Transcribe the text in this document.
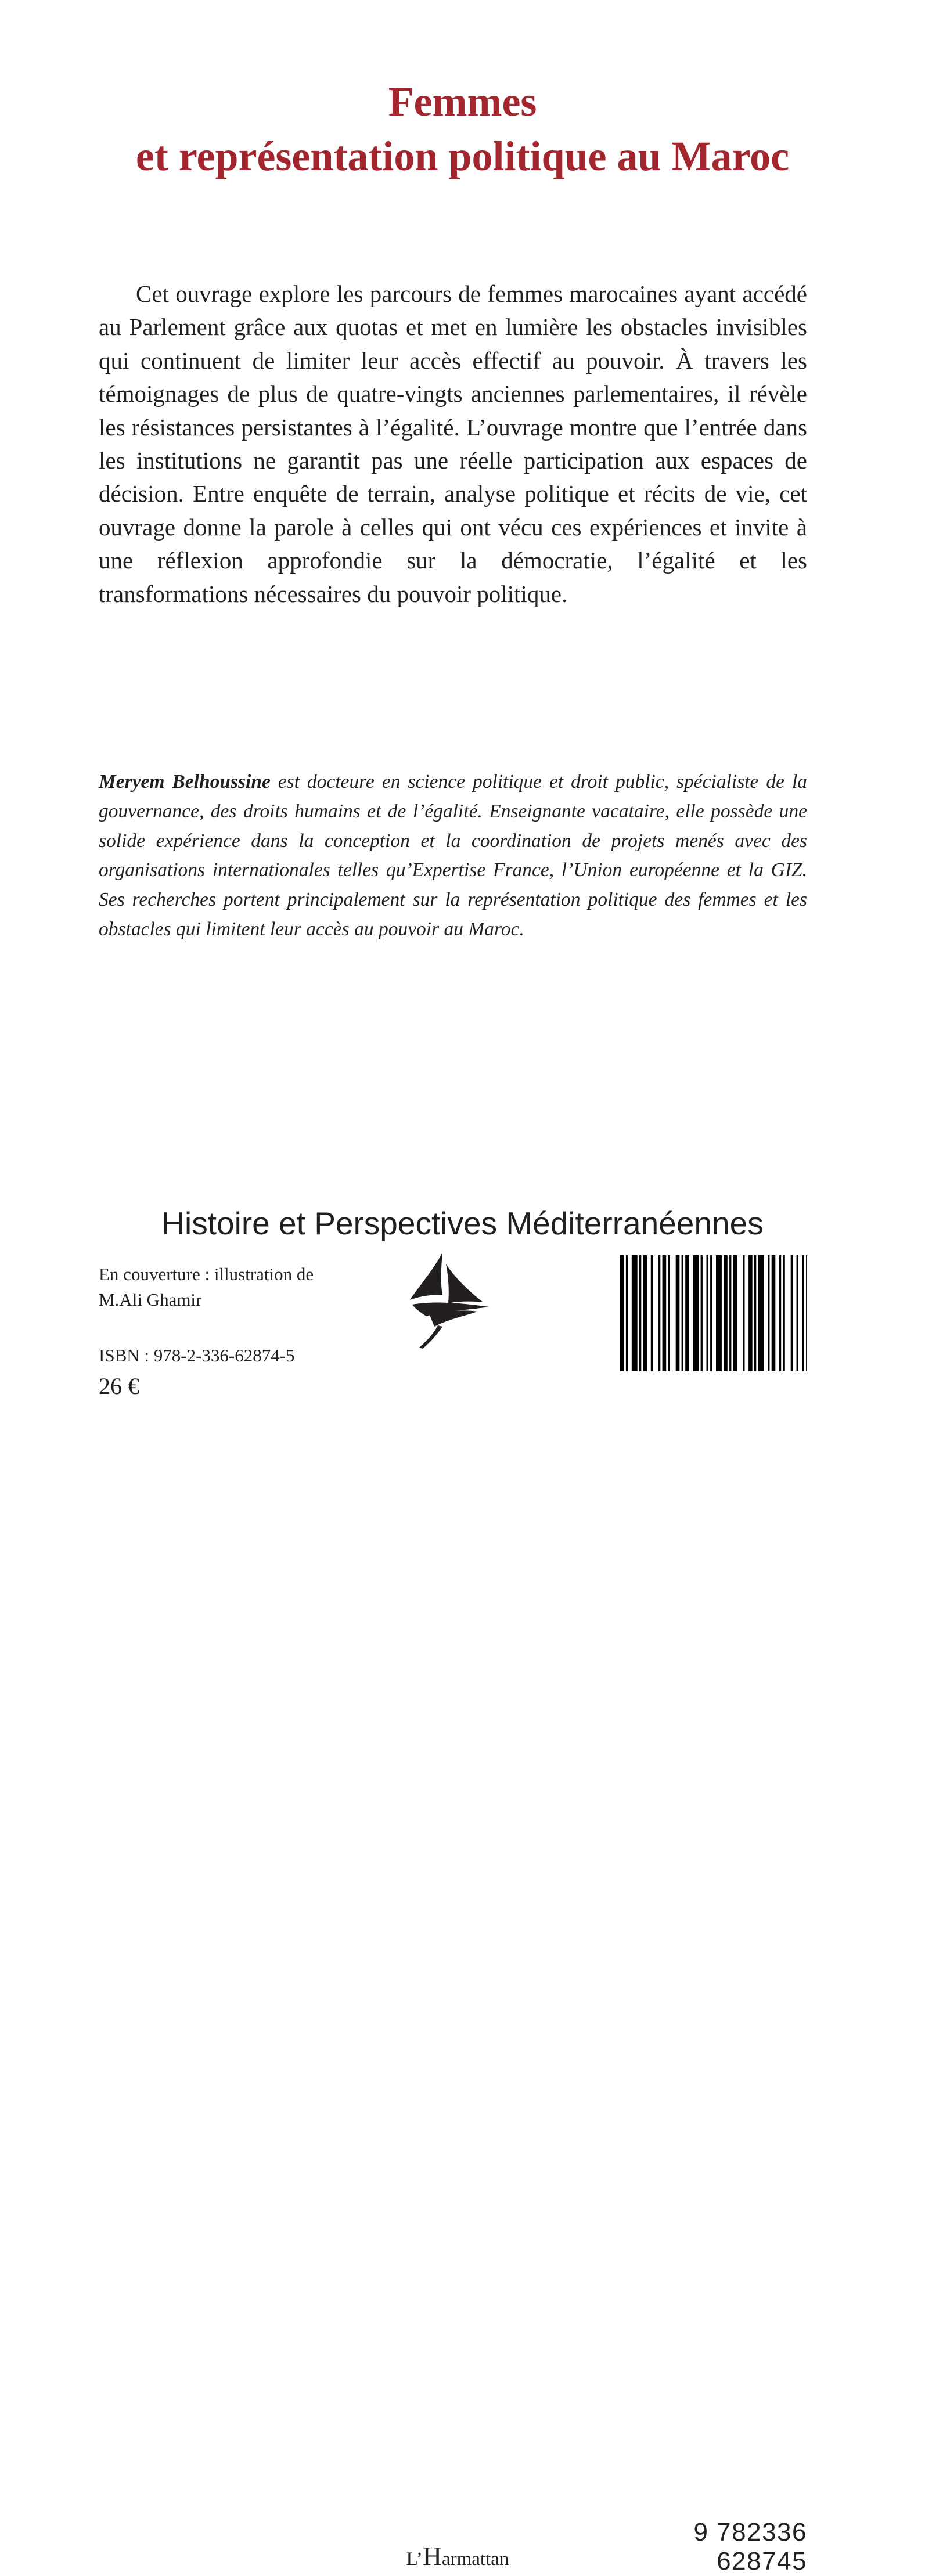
Femmes
et représentation politique au Maroc

Cet ouvrage explore les parcours de femmes marocaines ayant accédé au Parlement grâce aux quotas et met en lumière les obstacles invisibles qui continuent de limiter leur accès effectif au pouvoir. À travers les témoignages de plus de quatre-vingts anciennes parlementaires, il révèle les résistances persistantes à l’égalité. L’ouvrage montre que l’entrée dans les institutions ne garantit pas une réelle participation aux espaces de décision. Entre enquête de terrain, analyse politique et récits de vie, cet ouvrage donne la parole à celles qui ont vécu ces expériences et invite à une réflexion approfondie sur la démocratie, l’égalité et les transformations nécessaires du pouvoir politique.

Meryem Belhoussine est docteure en science politique et droit public, spécialiste de la gouvernance, des droits humains et de l’égalité. Enseignante vacataire, elle possède une solide expérience dans la conception et la coordination de projets menés avec des organisations internationales telles qu’Expertise France, l’Union européenne et la GIZ. Ses recherches portent principalement sur la représentation politique des femmes et les obstacles qui limitent leur accès au pouvoir au Maroc.

Histoire et Perspectives Méditerranéennes
En couverture : illustration de
M.Ali Ghamir
ISBN : 978-2-336-62874-5
26 €
L’Harmattan
9 782336 628745
